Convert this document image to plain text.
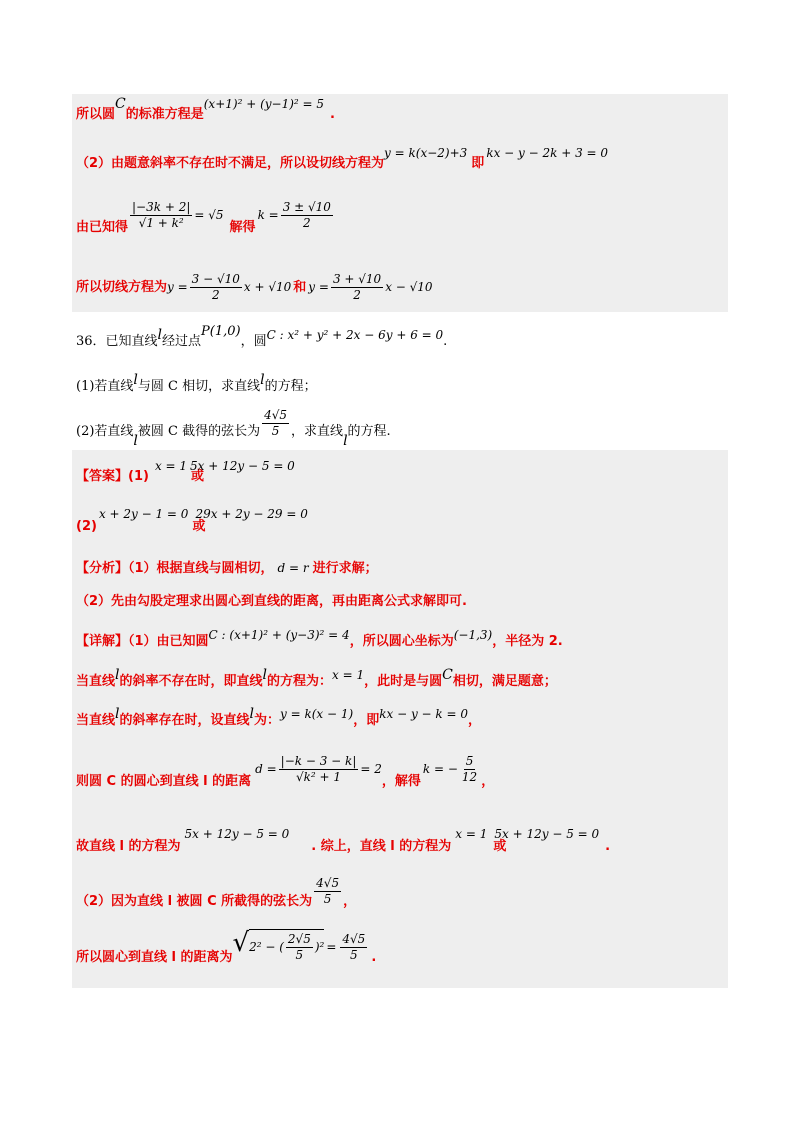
所以圆C的标准方程是(x+1)² + (y−1)² = 5.
（2）由题意斜率不存在时不满足，所以设切线方程为y = k(x−2)+3即kx − y − 2k + 3 = 0
由已知得 $\frac{|-3k + 2|}{\text{√1 + k²}} = √5$解得$k = \frac{3 \pm √10}{2}$
所以切线方程为$y = \frac{3 - √10}{2}$ x + √10 和 $y = \frac{3 + √10}{2}$ x − √10
36．已知直线l经过点P(1,0)，圆C : x² + y² + 2x − 6y + 6 = 0.
(1)若直线l与圆 C 相切，求直线l的方程；
(2)若直线l被圆 C 截得的弦长为 $\frac{4√5}{5}$ ，求直线l的方程.
【答案】(1)x = 1或5x + 12y − 5 = 0
(2)x + 2y − 1 = 0或29x + 2y − 29 = 0
【分析】（1）根据直线与圆相切， d = r 进行求解；
（2）先由勾股定理求出圆心到直线的距离，再由距离公式求解即可.
【详解】（1）由已知圆C : (x+1)² + (y−3)² = 4，所以圆心坐标为(−1,3)，半径为 2.
当直线l的斜率不存在时，即直线l的方程为：x = 1，此时是与圆C相切，满足题意；
当直线l的斜率存在时，设直线l为：y = k(x − 1)，即kx − y − k = 0，
则圆 C 的圆心到直线 l 的距离$d = \frac{|-k - 3 - k|}{\text{√k² + 1}} = 2$，解得k = − $\frac{5}{12}$ ，
故直线 l 的方程为5x + 12y − 5 = 0. 综上，直线 l 的方程为x = 1或5x + 12y − 5 = 0.
（2）因为直线 l 被圆 C 所截得的弦长为 $\frac{4√5}{5}$ ，
所以圆心到直线 l 的距离为√2² − ( $\frac{2√5}{5} )^2 = \frac{4√5}{5}$ .
